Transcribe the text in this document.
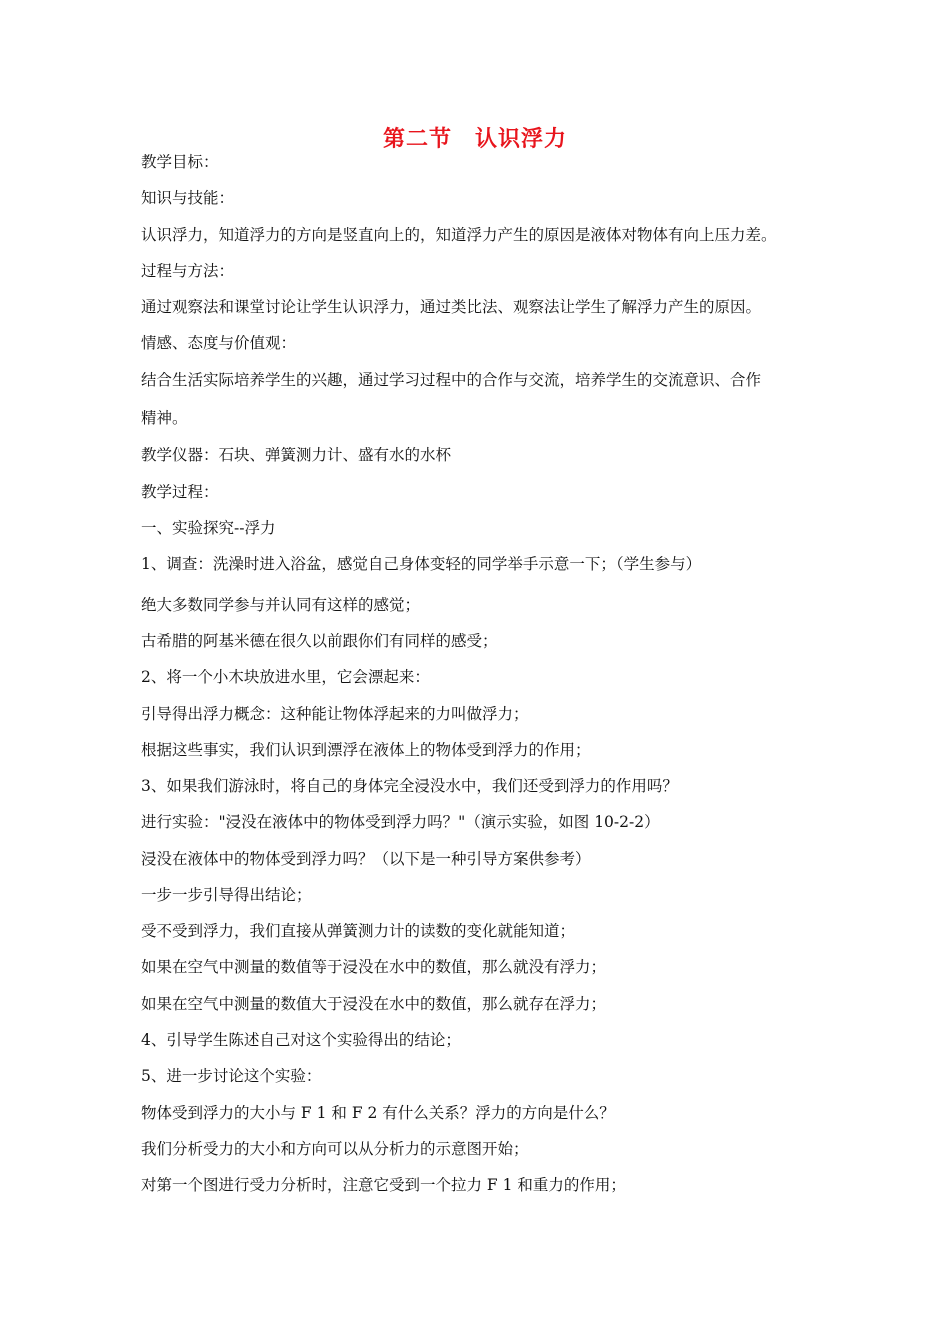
第二节　认识浮力
教学目标：
知识与技能：
认识浮力，知道浮力的方向是竖直向上的，知道浮力产生的原因是液体对物体有向上压力差。
过程与方法：
通过观察法和课堂讨论让学生认识浮力，通过类比法、观察法让学生了解浮力产生的原因。
情感、态度与价值观：
结合生活实际培养学生的兴趣，通过学习过程中的合作与交流，培养学生的交流意识、合作
精神。
教学仪器：石块、弹簧测力计、盛有水的水杯
教学过程：
一、实验探究--浮力
1、调查：洗澡时进入浴盆，感觉自己身体变轻的同学举手示意一下；（学生参与）
绝大多数同学参与并认同有这样的感觉；
古希腊的阿基米德在很久以前跟你们有同样的感受；
2、将一个小木块放进水里，它会漂起来：
引导得出浮力概念：这种能让物体浮起来的力叫做浮力；
根据这些事实，我们认识到漂浮在液体上的物体受到浮力的作用；
3、如果我们游泳时，将自己的身体完全浸没水中，我们还受到浮力的作用吗？
进行实验："浸没在液体中的物体受到浮力吗？"（演示实验，如图 10-2-2）
浸没在液体中的物体受到浮力吗？（以下是一种引导方案供参考）
一步一步引导得出结论；
受不受到浮力，我们直接从弹簧测力计的读数的变化就能知道；
如果在空气中测量的数值等于浸没在水中的数值，那么就没有浮力；
如果在空气中测量的数值大于浸没在水中的数值，那么就存在浮力；
4、引导学生陈述自己对这个实验得出的结论；
5、进一步讨论这个实验：
物体受到浮力的大小与 F 1 和 F 2 有什么关系？浮力的方向是什么？
我们分析受力的大小和方向可以从分析力的示意图开始；
对第一个图进行受力分析时，注意它受到一个拉力 F 1 和重力的作用；
